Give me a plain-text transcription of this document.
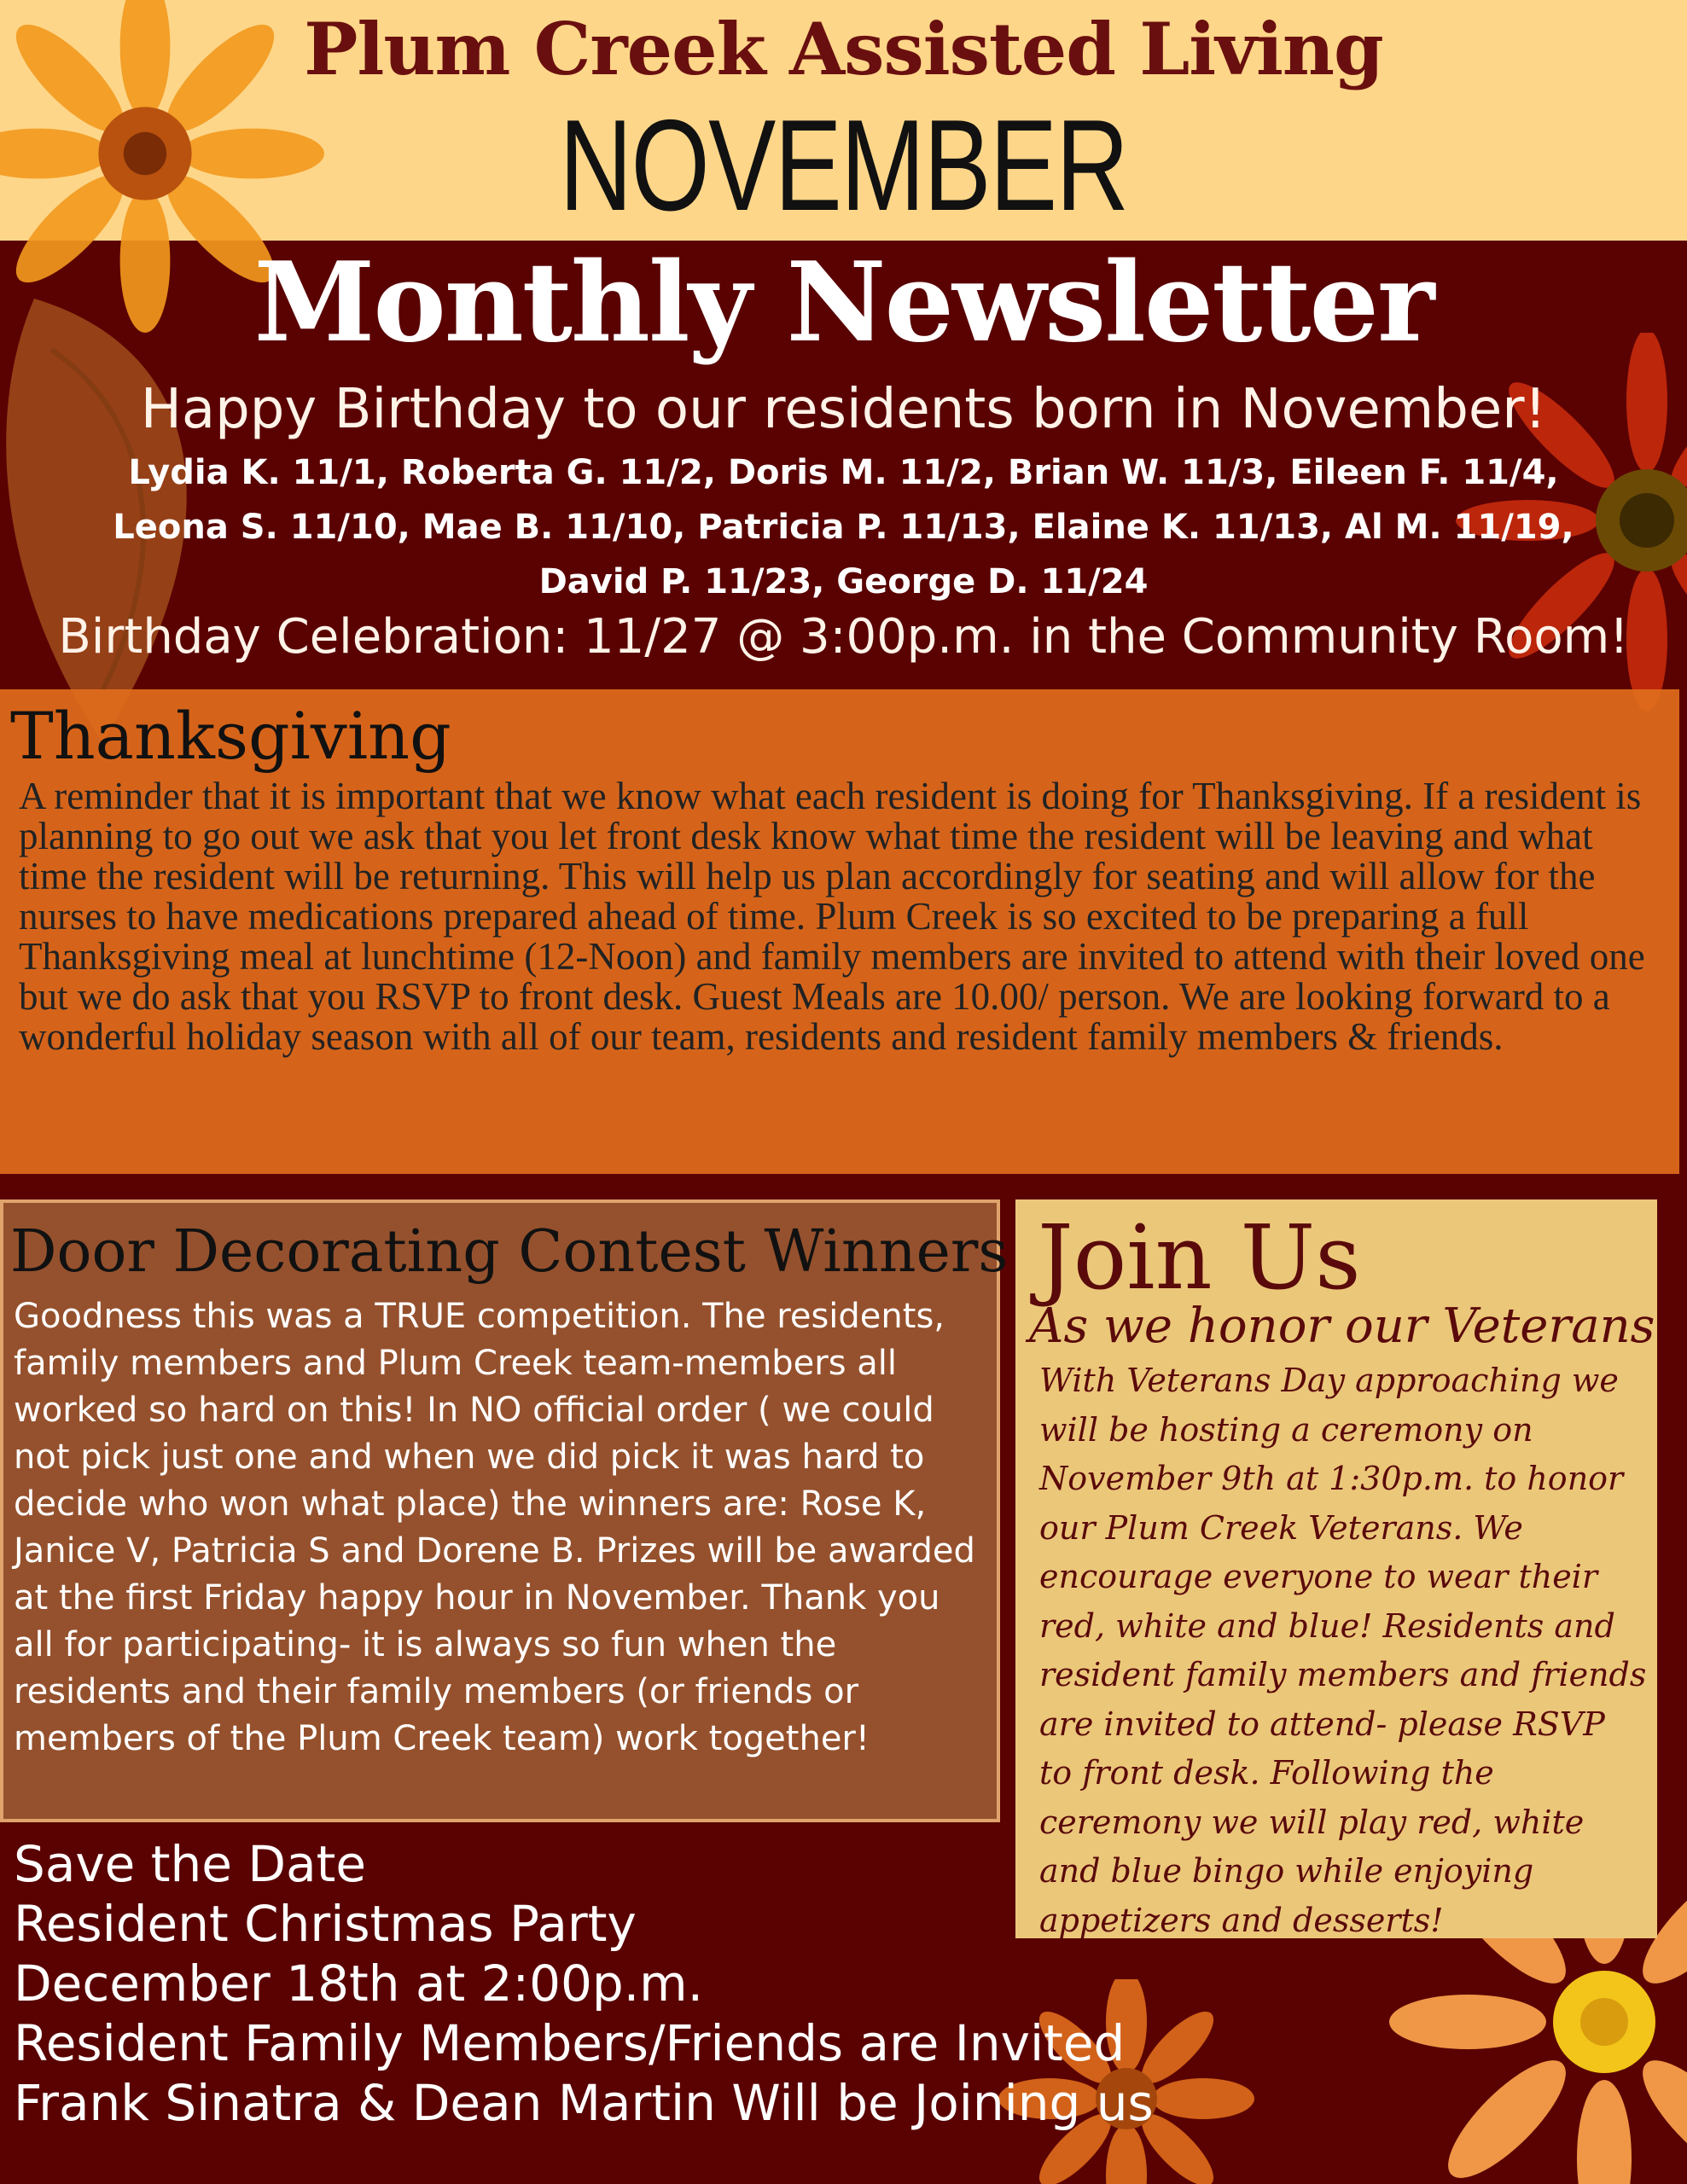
Plum Creek Assisted Living
NOVEMBER
Monthly Newsletter
Happy Birthday to our residents born in November!
Lydia K. 11/1, Roberta G. 11/2, Doris M. 11/2, Brian W. 11/3, Eileen F. 11/4,
Leona S. 11/10, Mae B. 11/10, Patricia P. 11/13, Elaine K. 11/13, Al M. 11/19,
David P. 11/23, George D. 11/24
Birthday Celebration: 11/27 @ 3:00p.m. in the Community Room!
Thanksgiving
A reminder that it is important that we know what each resident is doing for Thanksgiving. If a resident is planning to go out we ask that you let front desk know what time the resident will be leaving and what time the resident will be returning. This will help us plan accordingly for seating and will allow for the nurses to have medications prepared ahead of time. Plum Creek is so excited to be preparing a full Thanksgiving meal at lunchtime (12-Noon) and family members are invited to attend with their loved one but we do ask that you RSVP to front desk. Guest Meals are 10.00/ person. We are looking forward to a wonderful holiday season with all of our team, residents and resident family members & friends.
Door Decorating Contest Winners
Goodness this was a TRUE competition. The residents, family members and Plum Creek team-members all worked so hard on this! In NO official order ( we could not pick just one and when we did pick it was hard to decide who won what place) the winners are: Rose K, Janice V, Patricia S and Dorene B. Prizes will be awarded at the first Friday happy hour in November. Thank you all for participating- it is always so fun when the residents and their family members (or friends or members of the Plum Creek team) work together!
Join Us
As we honor our Veterans
With Veterans Day approaching we will be hosting a ceremony on November 9th at 1:30p.m. to honor our Plum Creek Veterans. We encourage everyone to wear their red, white and blue! Residents and resident family members and friends are invited to attend- please RSVP to front desk. Following the ceremony we will play red, white and blue bingo while enjoying appetizers and desserts!
Save the Date
Resident Christmas Party
December 18th at 2:00p.m.
Resident Family Members/Friends are Invited
Frank Sinatra & Dean Martin Will be Joining us
